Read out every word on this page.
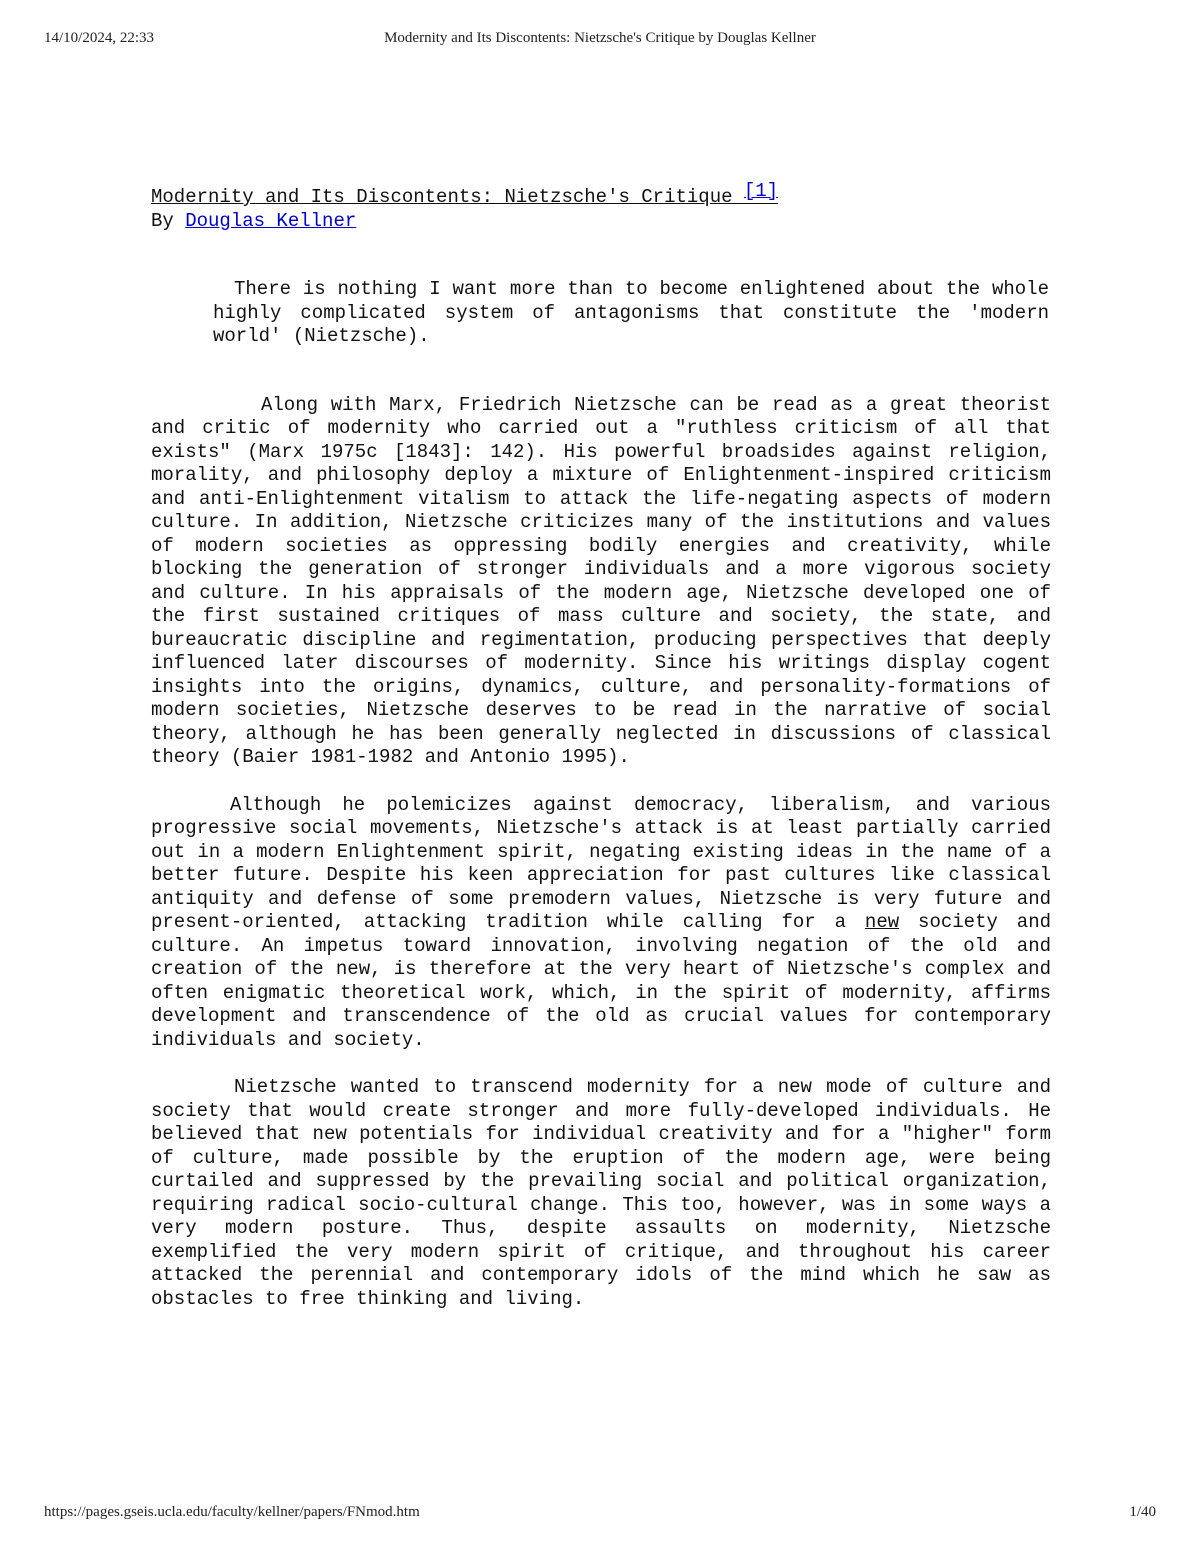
14/10/2024, 22:33	Modernity and Its Discontents: Nietzsche's Critique by Douglas Kellner

Modernity and Its Discontents: Nietzsche's Critique [1]

By Douglas Kellner

There is nothing I want more than to become enlightened about the whole highly complicated system of antagonisms that constitute the 'modern world' (Nietzsche).

Along with Marx, Friedrich Nietzsche can be read as a great theorist and critic of modernity who carried out a "ruthless criticism of all that exists" (Marx 1975c [1843]: 142). His powerful broadsides against religion, morality, and philosophy deploy a mixture of Enlightenment-inspired criticism and anti-Enlightenment vitalism to attack the life-negating aspects of modern culture. In addition, Nietzsche criticizes many of the institutions and values of modern societies as oppressing bodily energies and creativity, while blocking the generation of stronger individuals and a more vigorous society and culture. In his appraisals of the modern age, Nietzsche developed one of the first sustained critiques of mass culture and society, the state, and bureaucratic discipline and regimentation, producing perspectives that deeply influenced later discourses of modernity. Since his writings display cogent insights into the origins, dynamics, culture, and personality-formations of modern societies, Nietzsche deserves to be read in the narrative of social theory, although he has been generally neglected in discussions of classical theory (Baier 1981-1982 and Antonio 1995).

Although he polemicizes against democracy, liberalism, and various progressive social movements, Nietzsche's attack is at least partially carried out in a modern Enlightenment spirit, negating existing ideas in the name of a better future. Despite his keen appreciation for past cultures like classical antiquity and defense of some premodern values, Nietzsche is very future and present-oriented, attacking tradition while calling for a new society and culture. An impetus toward innovation, involving negation of the old and creation of the new, is therefore at the very heart of Nietzsche's complex and often enigmatic theoretical work, which, in the spirit of modernity, affirms development and transcendence of the old as crucial values for contemporary individuals and society.

Nietzsche wanted to transcend modernity for a new mode of culture and society that would create stronger and more fully-developed individuals. He believed that new potentials for individual creativity and for a "higher" form of culture, made possible by the eruption of the modern age, were being curtailed and suppressed by the prevailing social and political organization, requiring radical socio-cultural change. This too, however, was in some ways a very modern posture. Thus, despite assaults on modernity, Nietzsche exemplified the very modern spirit of critique, and throughout his career attacked the perennial and contemporary idols of the mind which he saw as obstacles to free thinking and living.

https://pages.gseis.ucla.edu/faculty/kellner/papers/FNmod.htm	1/40
